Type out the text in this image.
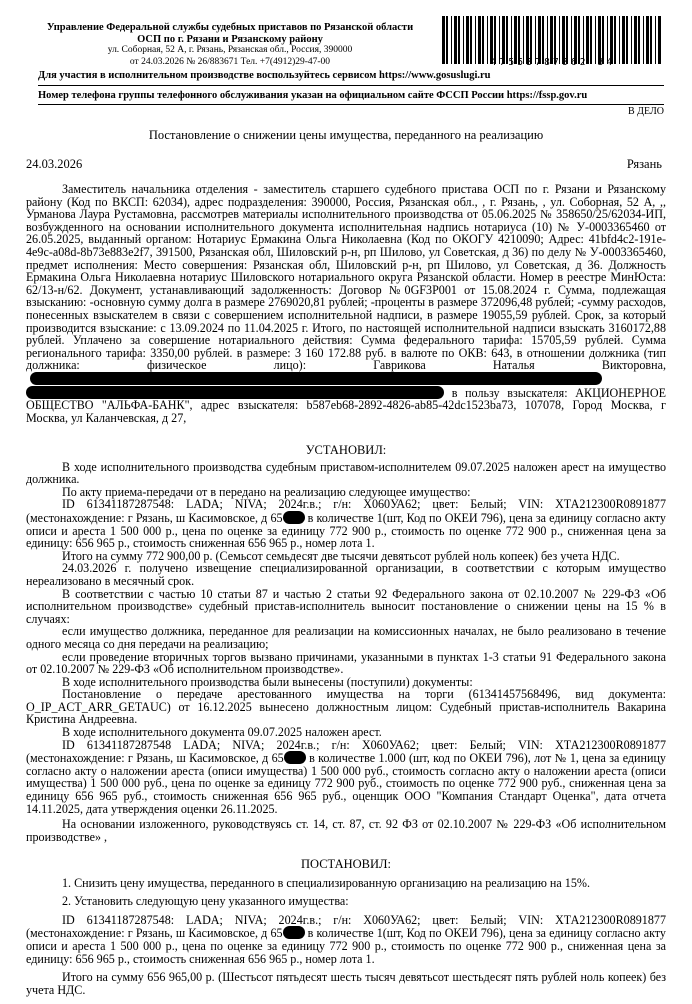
Управление Федеральной службы судебных приставов по Рязанской области
ОСП по г. Рязани и Рязанскому району
ул. Соборная, 52 А, г. Рязань, Рязанская обл., Россия, 390000
от 24.03.2026 № 26/883671 Тел. +7(4912)29-47-00	47553787862 34
Для участия в исполнительном производстве воспользуйтесь сервисом https://www.gosuslugi.ru
Номер телефона группы телефонного обслуживания указан на официальном сайте ФССП России https://fssp.gov.ru
В ДЕЛО
Постановление о снижении цены имущества, переданного на реализацию
24.03.2026	Рязань

Заместитель начальника отделения - заместитель старшего судебного пристава ОСП по г. Рязани и Рязанскому району (Код по ВКСП: 62034), адрес подразделения: 390000, Россия, Рязанская обл., , г. Рязань, , ул. Соборная, 52 А, ,, Урманова Лаура Рустамовна, рассмотрев материалы исполнительного производства от 05.06.2025 № 358650/25/62034-ИП, возбужденного на основании исполнительного документа исполнительная надпись нотариуса (10) № У-0003365460 от 26.05.2025, выданный органом: Нотариус Ермакина Ольга Николаевна (Код по ОКОГУ 4210090; Адрес: 41bfd4c2-191e-4e9c-a08d-8b73e883e2f7, 391500, Рязанская обл, Шиловский р-н, рп Шилово, ул Советская, д 36) по делу № У-0003365460, предмет исполнения: Место совершения: Рязанская обл, Шиловский р-н, рп Шилово, ул Советская, д 36. Должность Ермакина Ольга Николаевна нотариус Шиловского нотариального округа Рязанской области. Номер в реестре МинЮста: 62/13-н/62. Документ, устанавливающий задолженность: Договор №0GF3P001 от 15.08.2024 г. Сумма, подлежащая взысканию: -основную сумму долга в размере 2769020,81 рублей; -проценты в размере 372096,48 рублей; -сумму расходов, понесенных взыскателем в связи с совершением исполнительной надписи, в размере 19055,59 рублей. Срок, за который производится взыскание: с 13.09.2024 по 11.04.2025 г. Итого, по настоящей исполнительной надписи взыскать 3160172,88 рублей. Уплачено за совершение нотариального действия: Сумма федерального тарифа: 15705,59 рублей. Сумма регионального тарифа: 3350,00 рублей. в размере: 3 160 172.88 руб. в валюте по ОКВ: 643, в отношении должника (тип должника: физическое лицо): Гаврикова Наталья Викторовна, в пользу взыскателя: АКЦИОНЕРНОЕ ОБЩЕСТВО "АЛЬФА-БАНК", адрес взыскателя: b587eb68-2892-4826-ab85-42dc1523ba73, 107078, Город Москва, г Москва, ул Каланчевская, д 27,

УСТАНОВИЛ:

В ходе исполнительного производства судебным приставом-исполнителем 09.07.2025 наложен арест на имущество должника.

По акту приема-передачи от в передано на реализацию следующее имущество:

ID 61341187287548: LADA; NIVA; 2024г.в.; г/н: Х060УА62; цвет: Белый; VIN: ХТА212300R0891877 (местонахождение: г Рязань, ш Касимовское, д 65 в количестве 1(шт, Код по ОКЕИ 796), цена за единицу согласно акту описи и ареста 1 500 000 р., цена по оценке за единицу 772 900 р., стоимость по оценке 772 900 р., сниженная цена за единицу: 656 965 р., стоимость сниженная 656 965 р., номер лота 1.

Итого на сумму 772 900,00 р. (Семьсот семьдесят две тысячи девятьсот рублей ноль копеек) без учета НДС.

24.03.2026 г. получено извещение специализированной организации, в соответствии с которым имущество нереализовано в месячный срок.

В соответствии с частью 10 статьи 87 и частью 2 статьи 92 Федерального закона от 02.10.2007 № 229-ФЗ «Об исполнительном производстве» судебный пристав-исполнитель выносит постановление о снижении цены на 15 % в случаях:

если имущество должника, переданное для реализации на комиссионных началах, не было реализовано в течение одного месяца со дня передачи на реализацию;

если проведение вторичных торгов вызвано причинами, указанными в пунктах 1-3 статьи 91 Федерального закона от 02.10.2007 № 229-ФЗ «Об исполнительном производстве».

В ходе исполнительного производства были вынесены (поступили) документы:

Постановление о передаче арестованного имущества на торги (61341457568496, вид документа: O_IP_ACT_ARR_GETAUC) от 16.12.2025 вынесено должностным лицом: Судебный пристав-исполнитель Вакарина Кристина Андреевна.

В ходе исполнительного документа 09.07.2025 наложен арест.

ID 61341187287548 LADA; NIVA; 2024г.в.; г/н: Х060УА62; цвет: Белый; VIN: ХТА212300R0891877 (местонахождение: г Рязань, ш Касимовское, д 65 в количестве 1.000 (шт, код по ОКЕИ 796), лот № 1, цена за единицу согласно акту о наложении ареста (описи имущества) 1 500 000 руб., стоимость согласно акту о наложении ареста (описи имущества) 1 500 000 руб., цена по оценке за единицу 772 900 руб., стоимость по оценке 772 900 руб., сниженная цена за единицу 656 965 руб., стоимость сниженная 656 965 руб., оценщик ООО "Компания Стандарт Оценка", дата отчета 14.11.2025, дата утверждения оценки 26.11.2025.

На основании изложенного, руководствуясь ст. 14, ст. 87, ст. 92 ФЗ от 02.10.2007 № 229-ФЗ «Об исполнительном производстве» ,

ПОСТАНОВИЛ:

1. Снизить цену имущества, переданного в специализированную организацию на реализацию на 15%.

2. Установить следующую цену указанного имущества:

ID 61341187287548: LADA; NIVA; 2024г.в.; г/н: Х060УА62; цвет: Белый; VIN: ХТА212300R0891877 (местонахождение: г Рязань, ш Касимовское, д 65 в количестве 1(шт, Код по ОКЕИ 796), цена за единицу согласно акту описи и ареста 1 500 000 р., цена по оценке за единицу 772 900 р., стоимость по оценке 772 900 р., сниженная цена за единицу: 656 965 р., стоимость сниженная 656 965 р., номер лота 1.

Итого на сумму 656 965,00 р. (Шестьсот пятьдесят шесть тысяч девятьсот шестьдесят пять рублей ноль копеек) без учета НДС.
